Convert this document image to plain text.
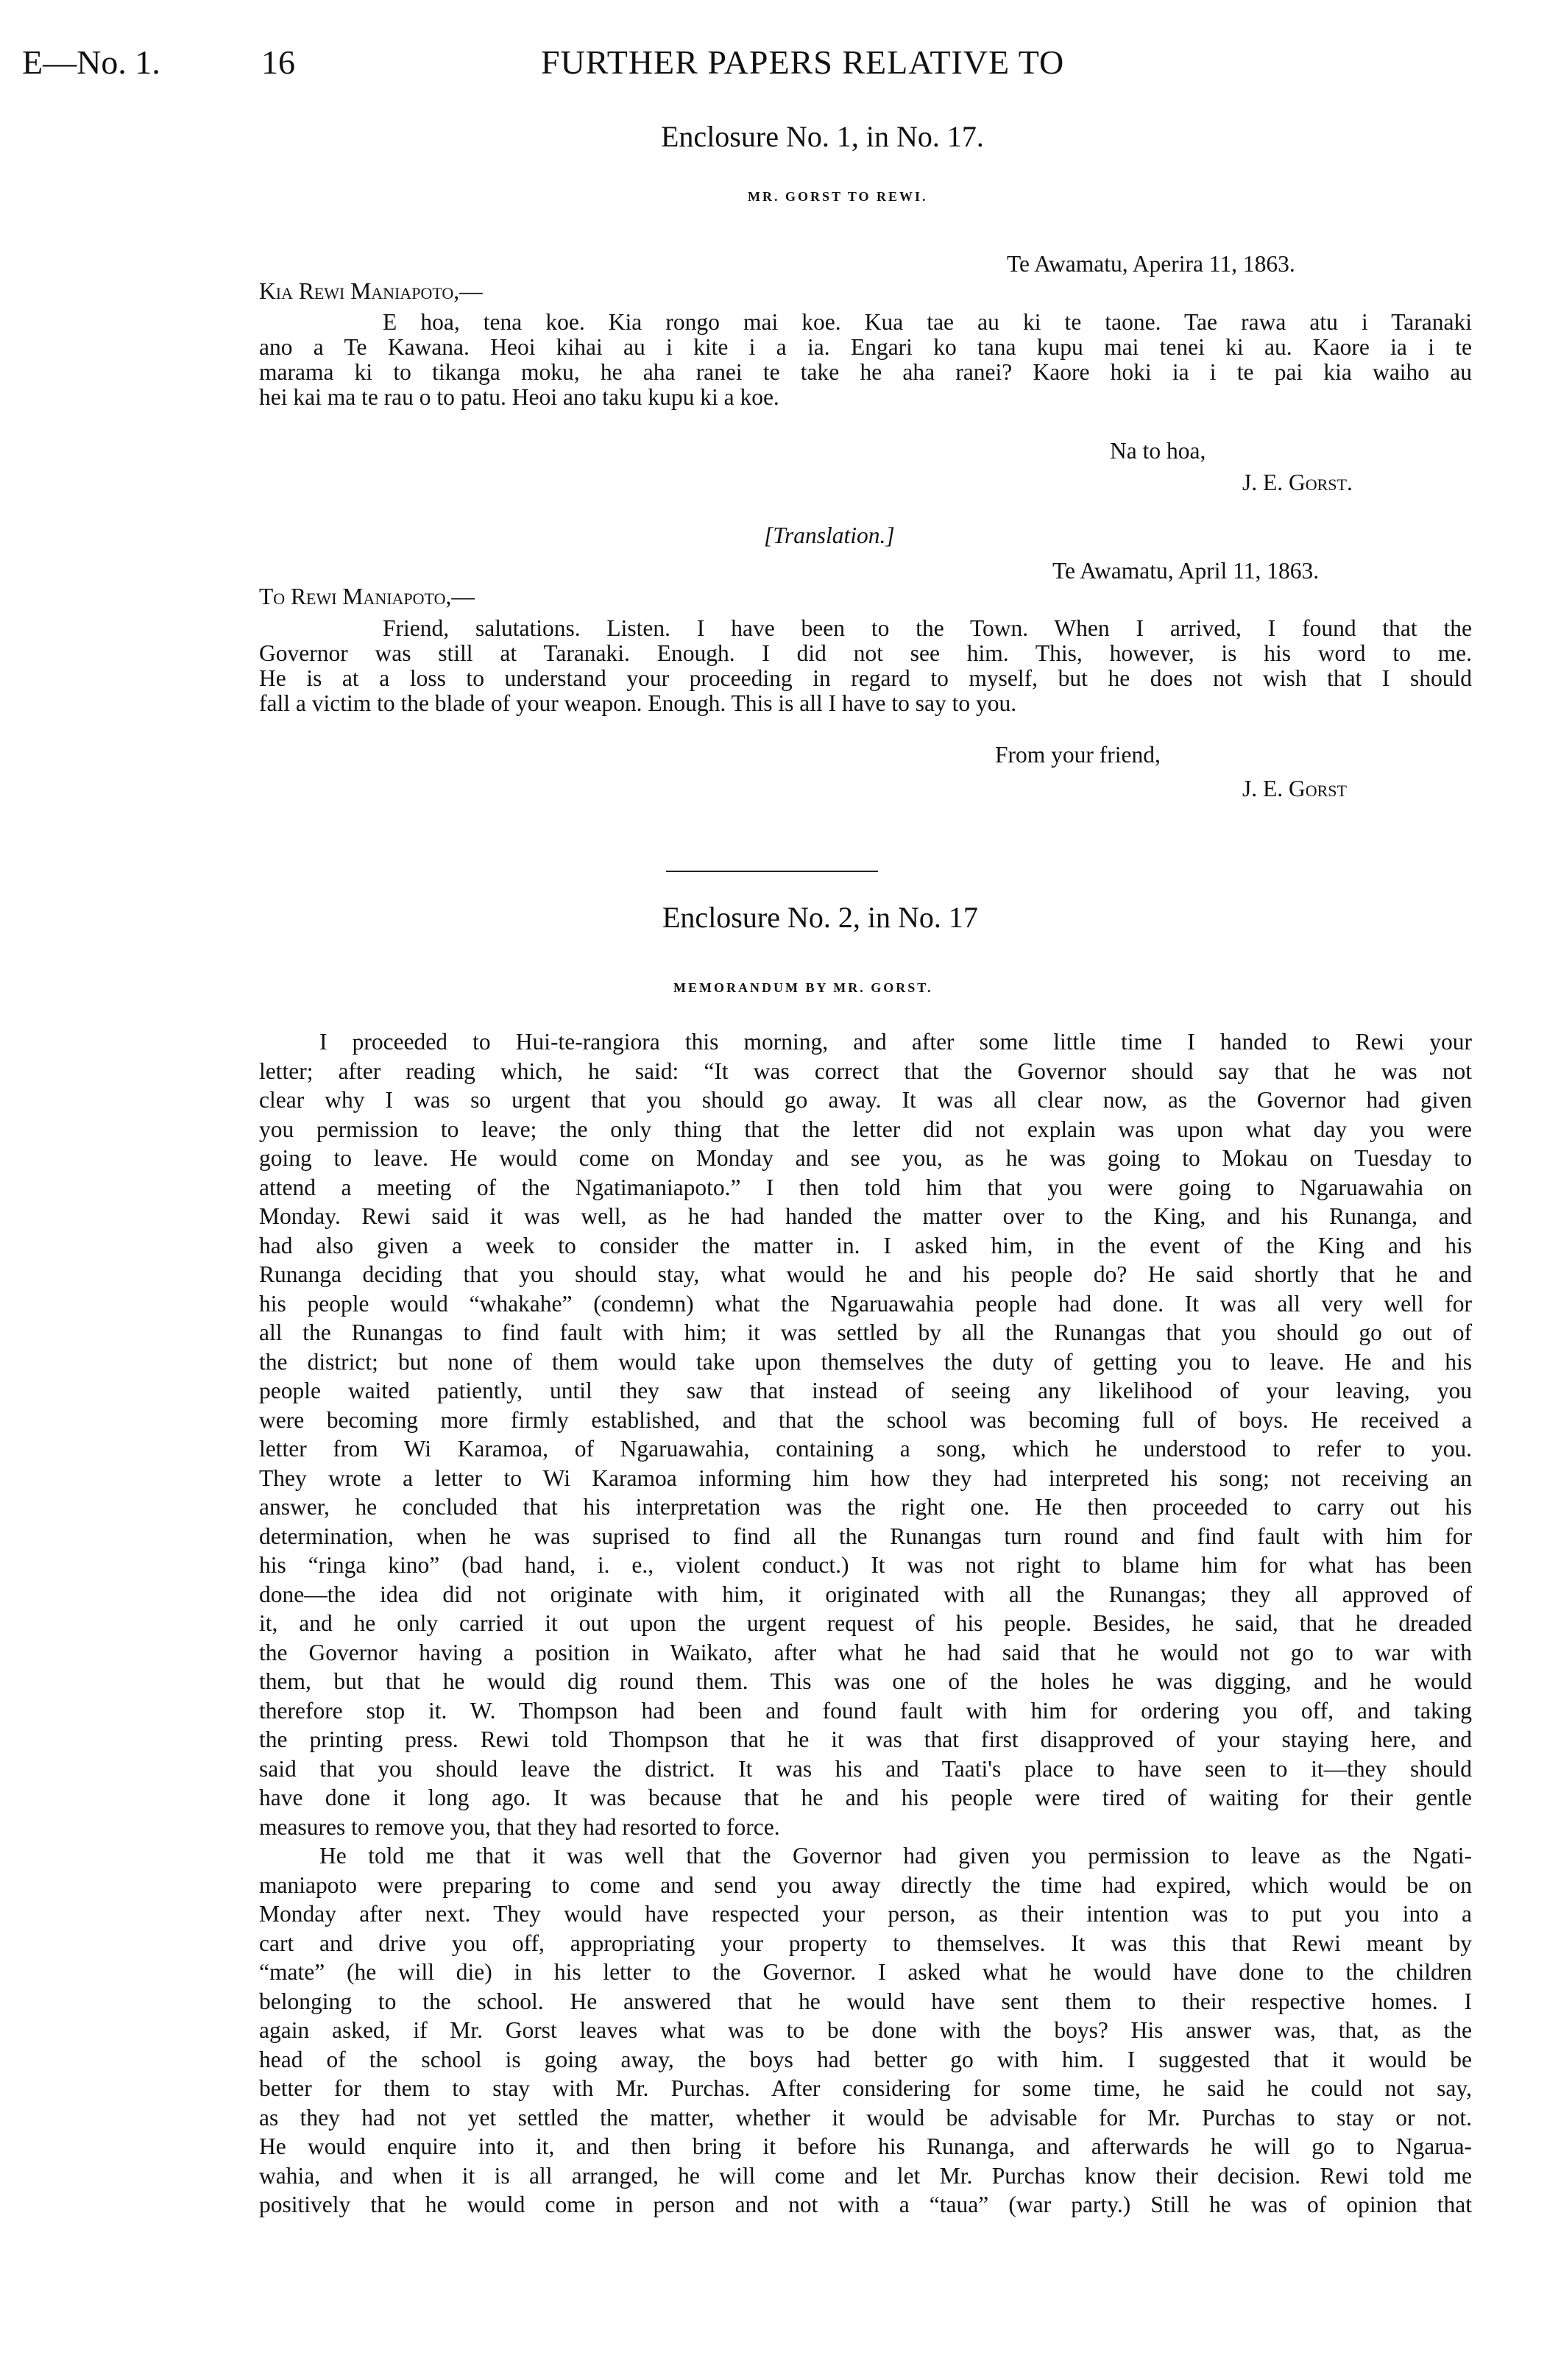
E—No. 1.	16	FURTHER PAPERS RELATIVE TO
Enclosure No. 1, in No. 17.
MR. GORST TO REWI.
Te Awamatu, Aperira 11, 1863.
Kia Rewi Maniapoto,—
E hoa, tena koe. Kia rongo mai koe. Kua tae au ki te taone. Tae rawa atu i Taranaki
ano a Te Kawana. Heoi kihai au i kite i a ia. Engari ko tana kupu mai tenei ki au. Kaore ia i te
marama ki to tikanga moku, he aha ranei te take he aha ranei? Kaore hoki ia i te pai kia waiho au
hei kai ma te rau o to patu. Heoi ano taku kupu ki a koe.
Na to hoa,
J. E. Gorst.
[Translation.]
Te Awamatu, April 11, 1863.
To Rewi Maniapoto,—
Friend, salutations. Listen. I have been to the Town. When I arrived, I found that the
Governor was still at Taranaki. Enough. I did not see him. This, however, is his word to me.
He is at a loss to understand your proceeding in regard to myself, but he does not wish that I should
fall a victim to the blade of your weapon. Enough. This is all I have to say to you.
From your friend,
J. E. Gorst
Enclosure No. 2, in No. 17
MEMORANDUM BY MR. GORST.
I proceeded to Hui-te-rangiora this morning, and after some little time I handed to Rewi your
letter; after reading which, he said: “It was correct that the Governor should say that he was not
clear why I was so urgent that you should go away. It was all clear now, as the Governor had given
you permission to leave; the only thing that the letter did not explain was upon what day you were
going to leave. He would come on Monday and see you, as he was going to Mokau on Tuesday to
attend a meeting of the Ngatimaniapoto.” I then told him that you were going to Ngaruawahia on
Monday. Rewi said it was well, as he had handed the matter over to the King, and his Runanga, and
had also given a week to consider the matter in. I asked him, in the event of the King and his
Runanga deciding that you should stay, what would he and his people do? He said shortly that he and
his people would “whakahe” (condemn) what the Ngaruawahia people had done. It was all very well for
all the Runangas to find fault with him; it was settled by all the Runangas that you should go out of
the district; but none of them would take upon themselves the duty of getting you to leave. He and his
people waited patiently, until they saw that instead of seeing any likelihood of your leaving, you
were becoming more firmly established, and that the school was becoming full of boys. He received a
letter from Wi Karamoa, of Ngaruawahia, containing a song, which he understood to refer to you.
They wrote a letter to Wi Karamoa informing him how they had interpreted his song; not receiving an
answer, he concluded that his interpretation was the right one. He then proceeded to carry out his
determination, when he was suprised to find all the Runangas turn round and find fault with him for
his “ringa kino” (bad hand, i. e., violent conduct.) It was not right to blame him for what has been
done—the idea did not originate with him, it originated with all the Runangas; they all approved of
it, and he only carried it out upon the urgent request of his people. Besides, he said, that he dreaded
the Governor having a position in Waikato, after what he had said that he would not go to war with
them, but that he would dig round them. This was one of the holes he was digging, and he would
therefore stop it. W. Thompson had been and found fault with him for ordering you off, and taking
the printing press. Rewi told Thompson that he it was that first disapproved of your staying here, and
said that you should leave the district. It was his and Taati's place to have seen to it—they should
have done it long ago. It was because that he and his people were tired of waiting for their gentle
measures to remove you, that they had resorted to force.
He told me that it was well that the Governor had given you permission to leave as the Ngati-
maniapoto were preparing to come and send you away directly the time had expired, which would be on
Monday after next. They would have respected your person, as their intention was to put you into a
cart and drive you off, appropriating your property to themselves. It was this that Rewi meant by
“mate” (he will die) in his letter to the Governor. I asked what he would have done to the children
belonging to the school. He answered that he would have sent them to their respective homes. I
again asked, if Mr. Gorst leaves what was to be done with the boys? His answer was, that, as the
head of the school is going away, the boys had better go with him. I suggested that it would be
better for them to stay with Mr. Purchas. After considering for some time, he said he could not say,
as they had not yet settled the matter, whether it would be advisable for Mr. Purchas to stay or not.
He would enquire into it, and then bring it before his Runanga, and afterwards he will go to Ngarua-
wahia, and when it is all arranged, he will come and let Mr. Purchas know their decision. Rewi told me
positively that he would come in person and not with a “taua” (war party.) Still he was of opinion that
